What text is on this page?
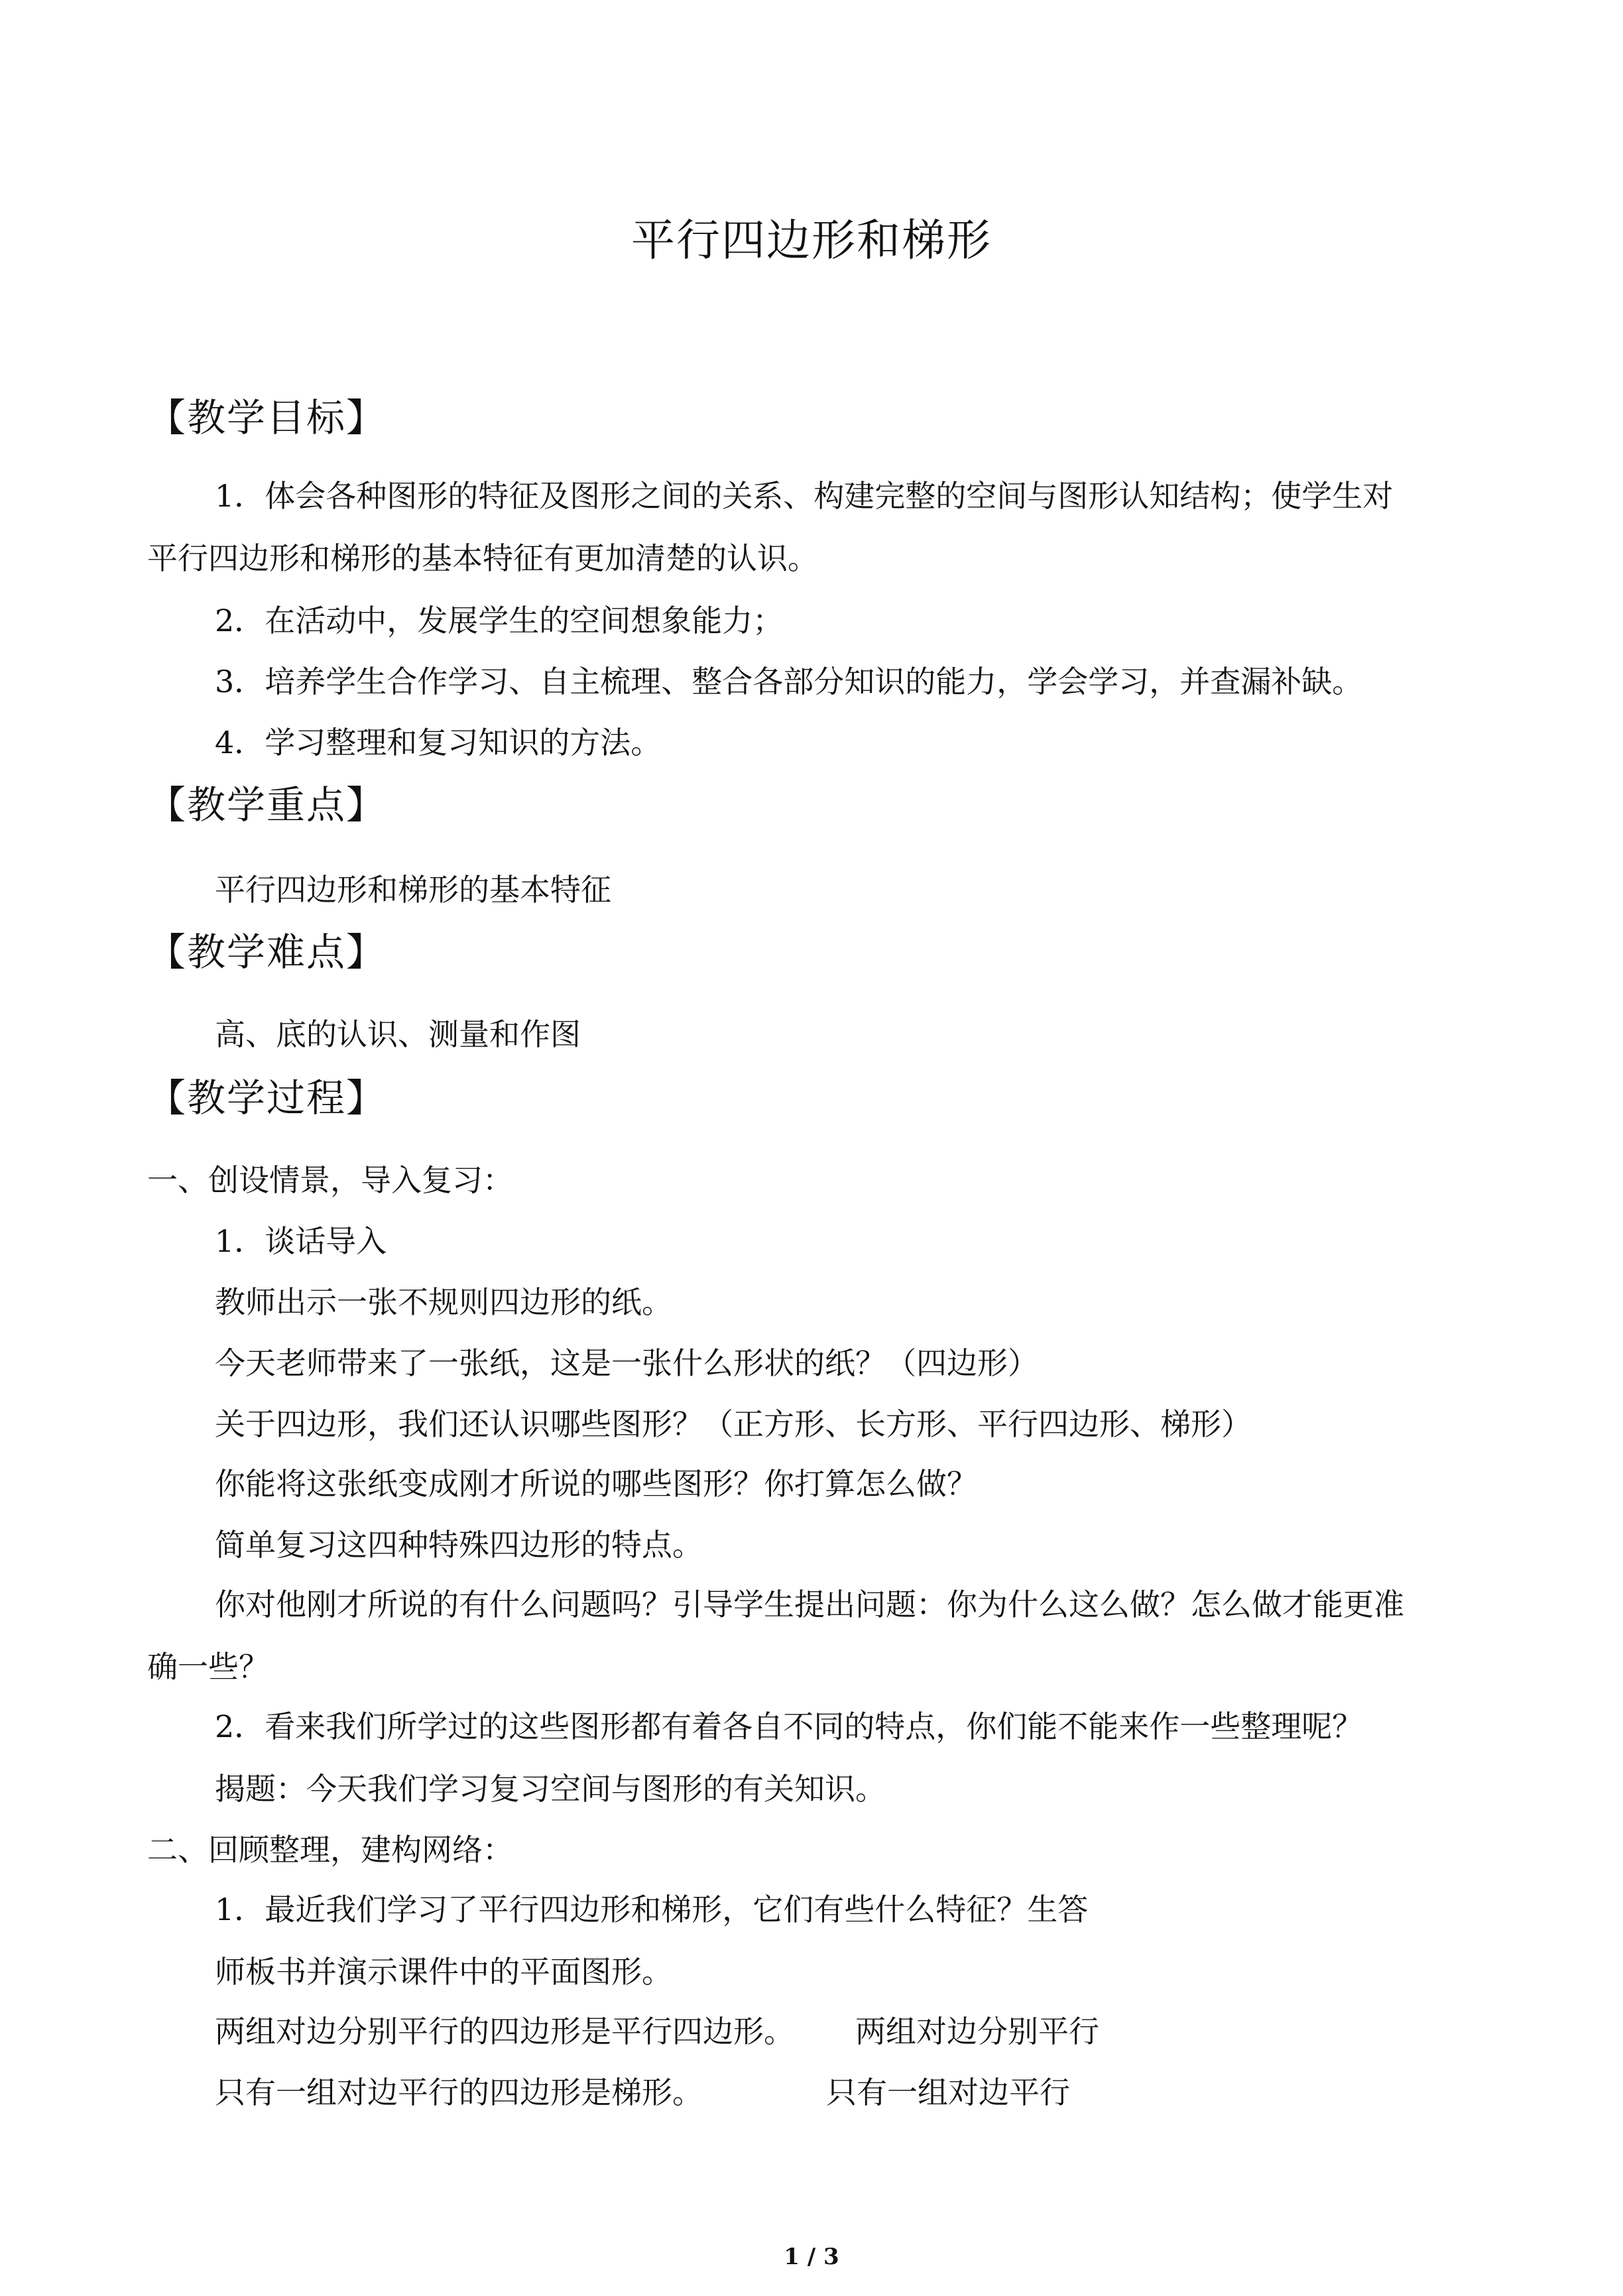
平行四边形和梯形
【教学目标】
1．体会各种图形的特征及图形之间的关系、构建完整的空间与图形认知结构；使学生对
平行四边形和梯形的基本特征有更加清楚的认识。
2．在活动中，发展学生的空间想象能力；
3．培养学生合作学习、自主梳理、整合各部分知识的能力，学会学习，并查漏补缺。
4．学习整理和复习知识的方法。
【教学重点】
平行四边形和梯形的基本特征
【教学难点】
高、底的认识、测量和作图
【教学过程】
一、创设情景，导入复习：
1．谈话导入
教师出示一张不规则四边形的纸。
今天老师带来了一张纸，这是一张什么形状的纸？（四边形）
关于四边形，我们还认识哪些图形？（正方形、长方形、平行四边形、梯形）
你能将这张纸变成刚才所说的哪些图形？你打算怎么做？
简单复习这四种特殊四边形的特点。
你对他刚才所说的有什么问题吗？引导学生提出问题：你为什么这么做？怎么做才能更准
确一些？
2．看来我们所学过的这些图形都有着各自不同的特点，你们能不能来作一些整理呢？
揭题：今天我们学习复习空间与图形的有关知识。
二、回顾整理，建构网络：
1．最近我们学习了平行四边形和梯形，它们有些什么特征？生答
师板书并演示课件中的平面图形。
两组对边分别平行的四边形是平行四边形。 两组对边分别平行
只有一组对边平行的四边形是梯形。	只有一组对边平行
1 / 3
